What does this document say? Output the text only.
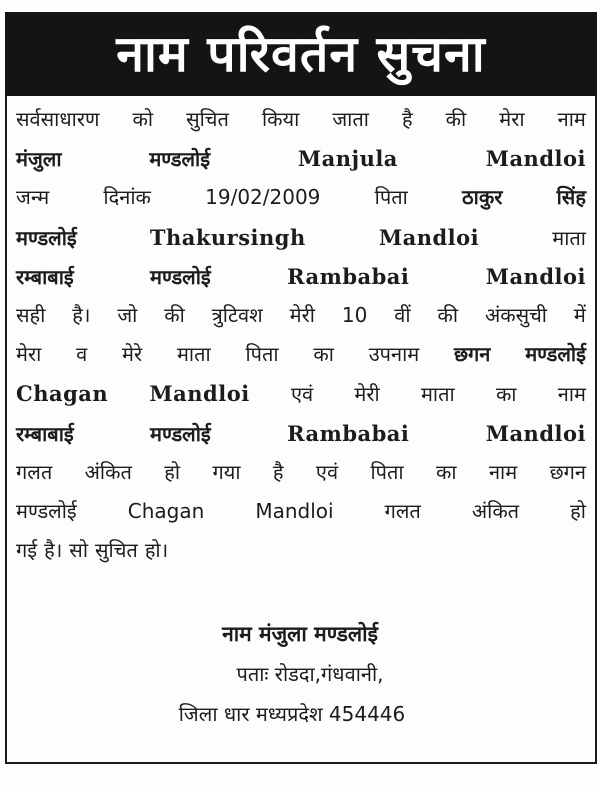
नाम परिवर्तन सुचना
सर्वसाधारण को सुचित किया जाता है की मेरा नाम
मंजुला	मण्डलोई	Manjula	Mandloi
जन्म	दिनांक	19/02/2009	पिता	ठाकुर	सिंह
मण्डलोई	Thakursingh	Mandloi	माता
रम्बाबाई	मण्डलोई	Rambabai	Mandloi
सही है। जो की त्रुटिवश मेरी 10 वीं की अंकसुची में
मेरा व मेरे माता पिता का उपनाम छगन मण्डलोई
Chagan Mandloi एवं मेरी माता का नाम
रम्बाबाई	मण्डलोई	Rambabai	Mandloi
गलत अंकित हो गया है एवं पिता का नाम छगन
मण्डलोई	Chagan	Mandloi	गलत	अंकित	हो
गई है। सो सुचित हो।
नाम मंजुला मण्डलोई
पताः रोडदा,गंधवानी,
जिला धार मध्यप्रदेश 454446
